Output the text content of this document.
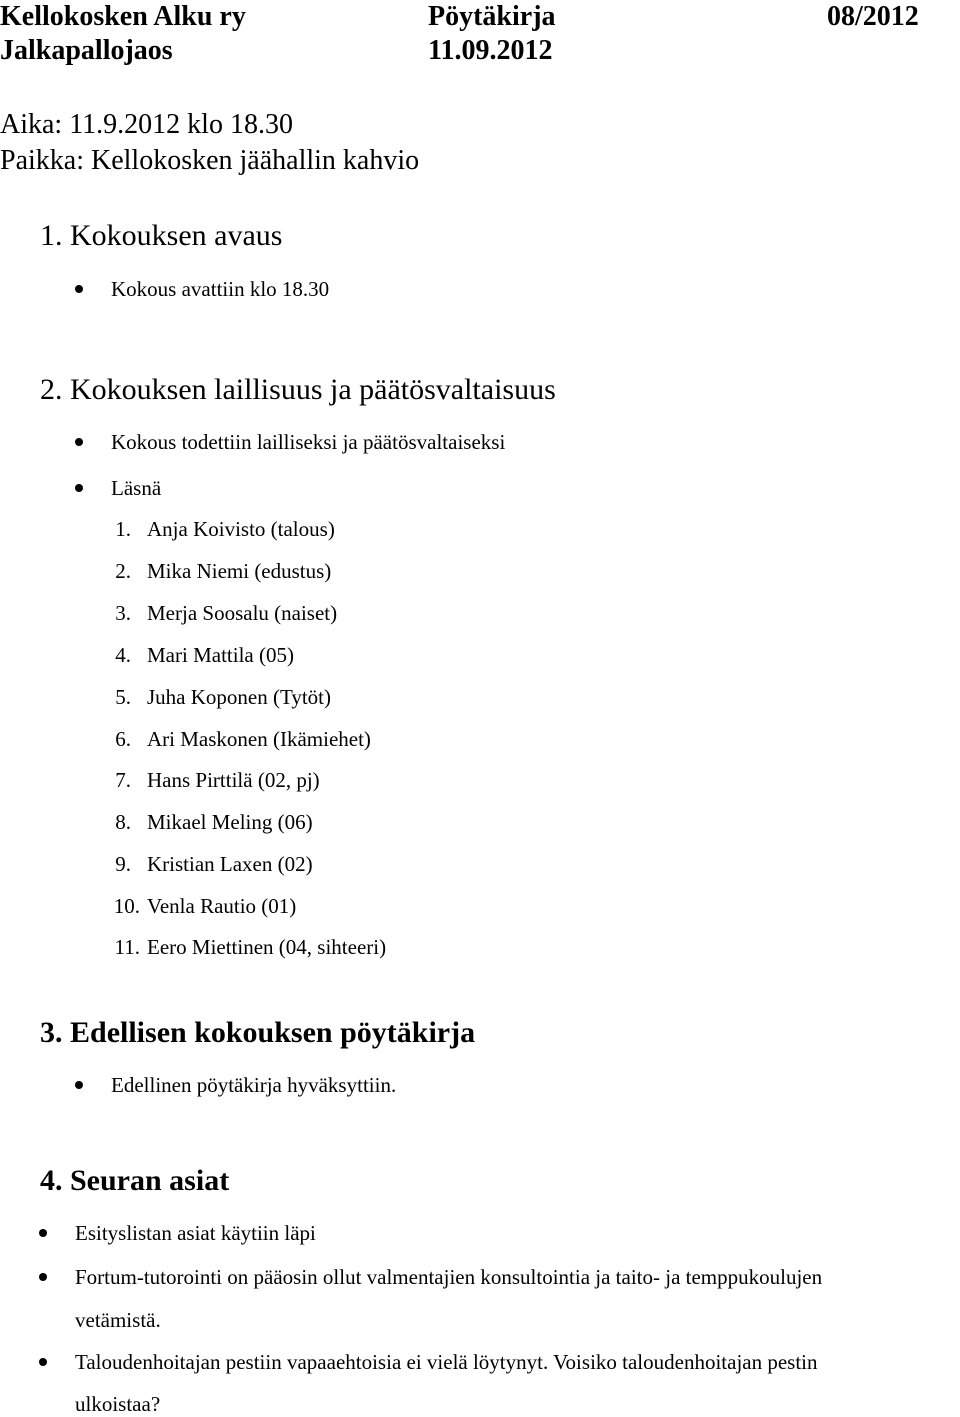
Kellokosken Alku ry	Pöytäkirja	08/2012
Jalkapallojaos	11.09.2012
Aika: 11.9.2012 klo 18.30
Paikka: Kellokosken jäähallin kahvio
1. Kokouksen avaus
Kokous avattiin klo 18.30
2. Kokouksen laillisuus ja päätösvaltaisuus
Kokous todettiin lailliseksi ja päätösvaltaiseksi
Läsnä
1. Anja Koivisto (talous)
2. Mika Niemi (edustus)
3. Merja Soosalu (naiset)
4. Mari Mattila (05)
5. Juha Koponen (Tytöt)
6. Ari Maskonen (Ikämiehet)
7. Hans Pirttilä (02, pj)
8. Mikael Meling (06)
9. Kristian Laxen (02)
10. Venla Rautio (01)
11. Eero Miettinen (04, sihteeri)
3. Edellisen kokouksen pöytäkirja
Edellinen pöytäkirja hyväksyttiin.
4. Seuran asiat
Esityslistan asiat käytiin läpi
Fortum-tutorointi on pääosin ollut valmentajien konsultointia ja taito- ja temppukoulujen
vetämistä.
Taloudenhoitajan pestiin vapaaehtoisia ei vielä löytynyt. Voisiko taloudenhoitajan pestin
ulkoistaa?
